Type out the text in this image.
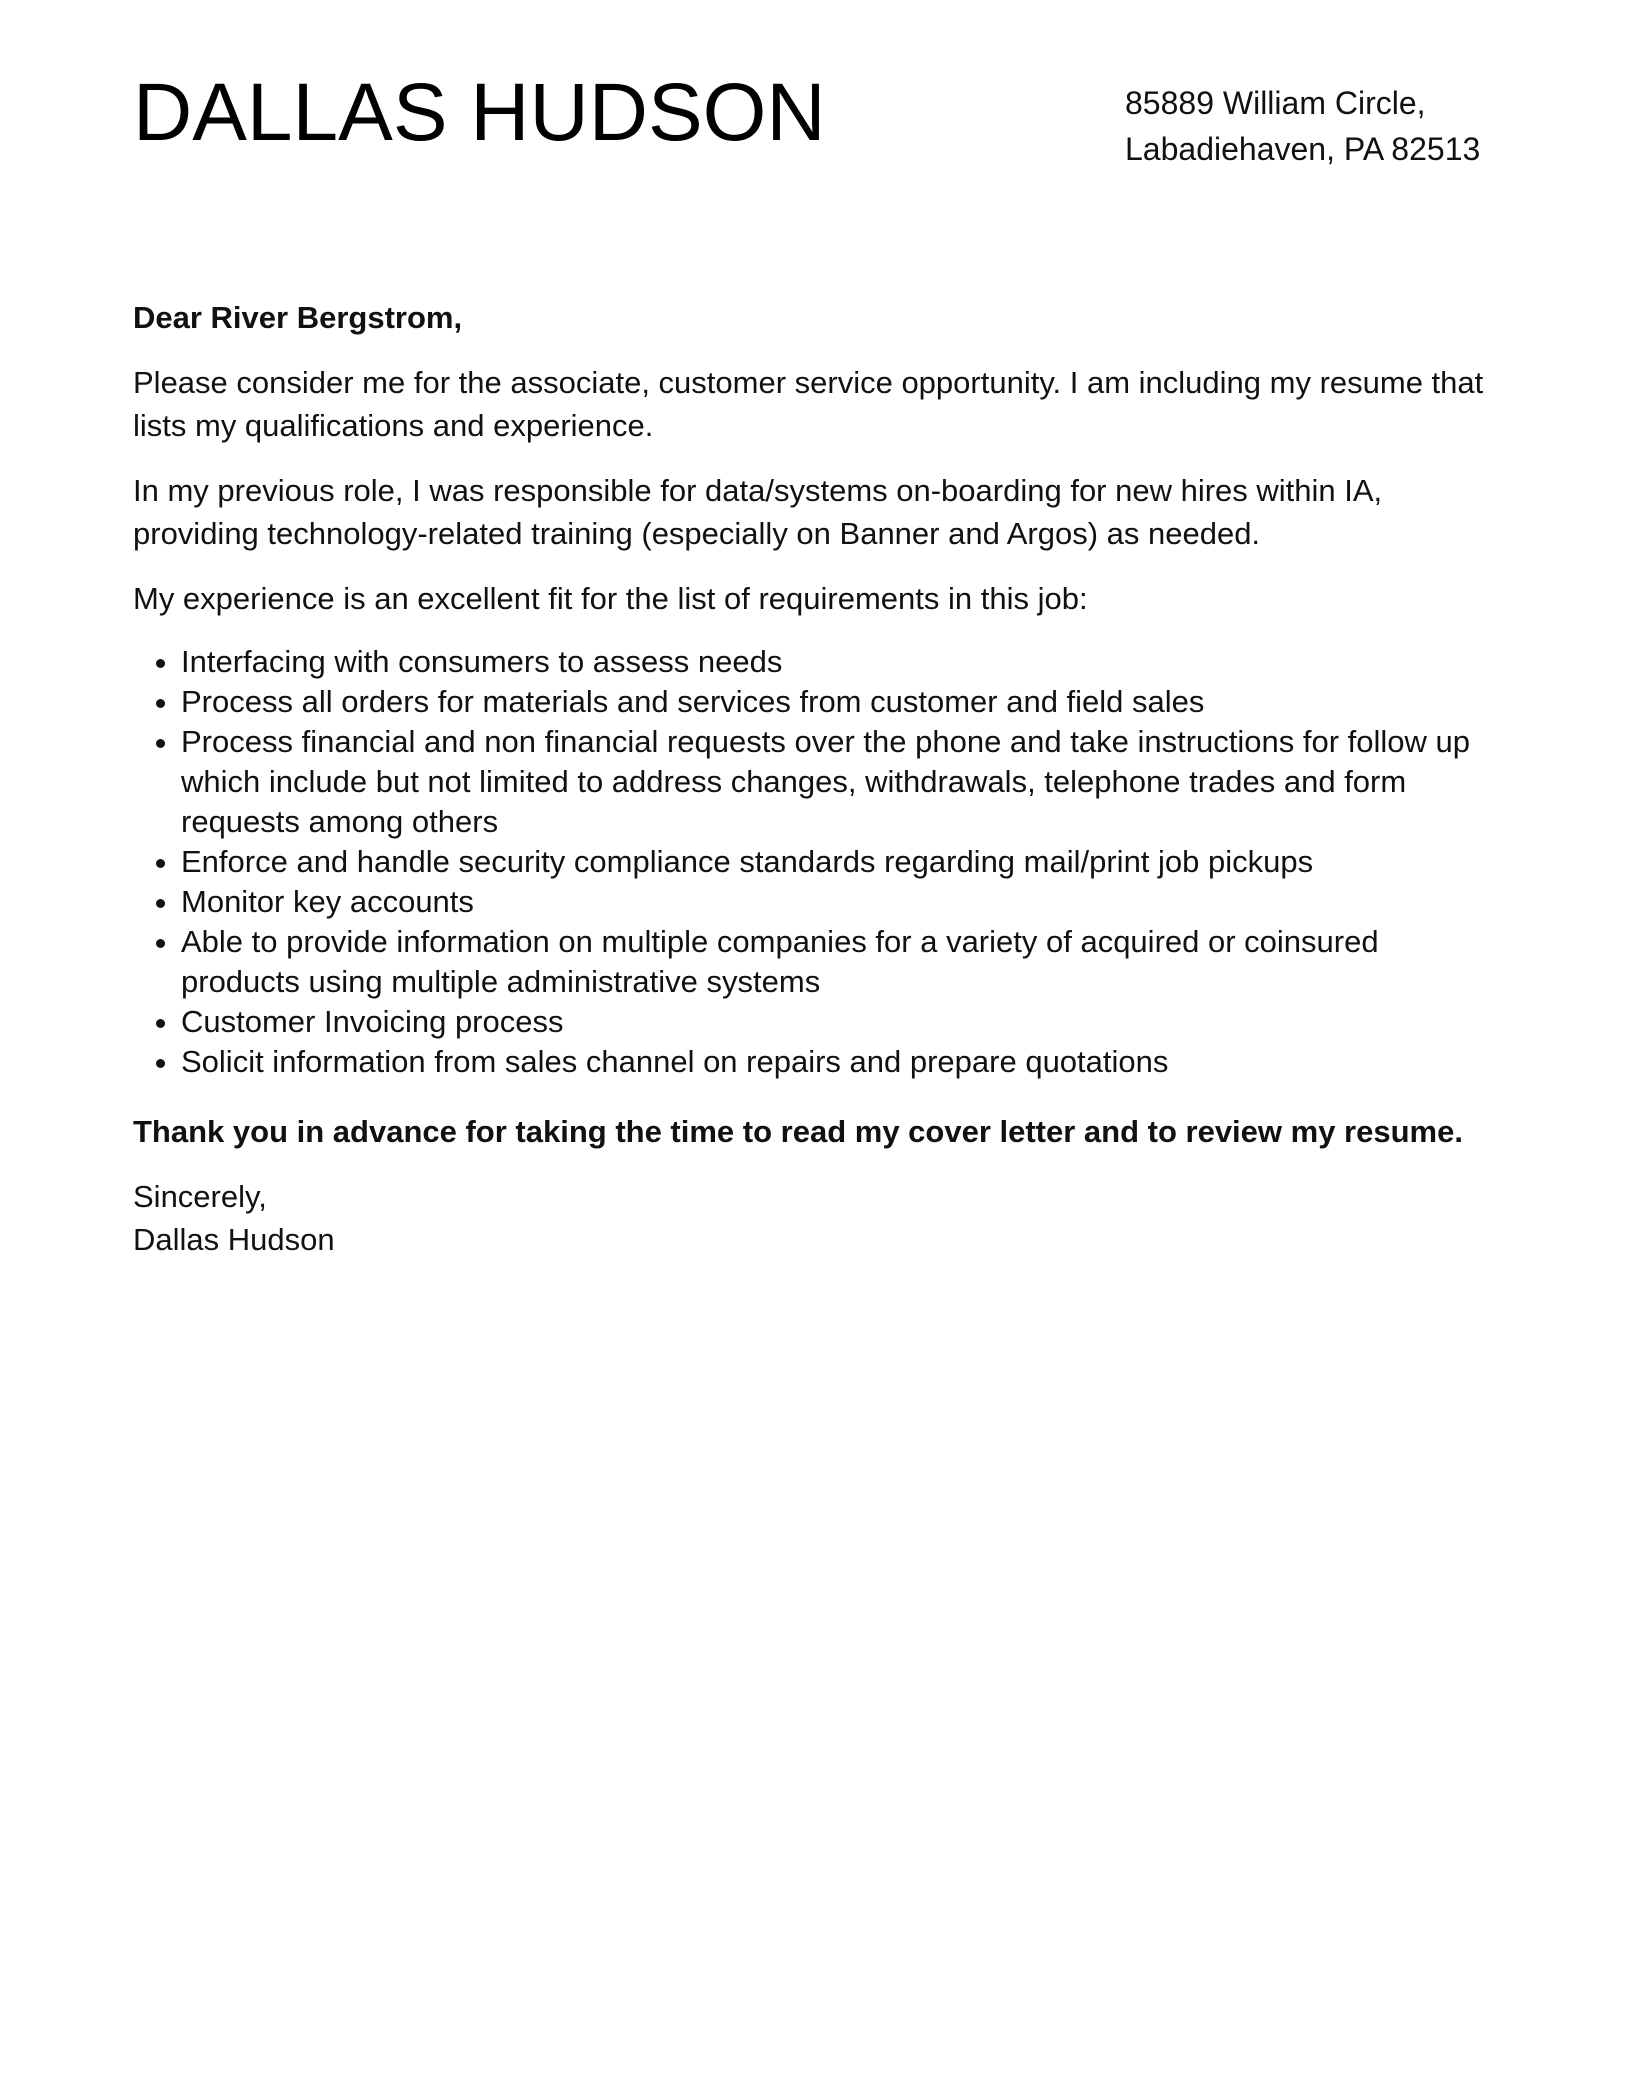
DALLAS HUDSON	85889 William Circle,
Labadiehaven, PA 82513

Dear River Bergstrom,

Please consider me for the associate, customer service opportunity. I am including my resume that lists my qualifications and experience.

In my previous role, I was responsible for data/systems on-boarding for new hires within IA, providing technology-related training (especially on Banner and Argos) as needed.

My experience is an excellent fit for the list of requirements in this job:

• Interfacing with consumers to assess needs
• Process all orders for materials and services from customer and field sales
• Process financial and non financial requests over the phone and take instructions for follow up which include but not limited to address changes, withdrawals, telephone trades and form requests among others
• Enforce and handle security compliance standards regarding mail/print job pickups
• Monitor key accounts
• Able to provide information on multiple companies for a variety of acquired or coinsured products using multiple administrative systems
• Customer Invoicing process
• Solicit information from sales channel on repairs and prepare quotations

Thank you in advance for taking the time to read my cover letter and to review my resume.

Sincerely,

Dallas Hudson
